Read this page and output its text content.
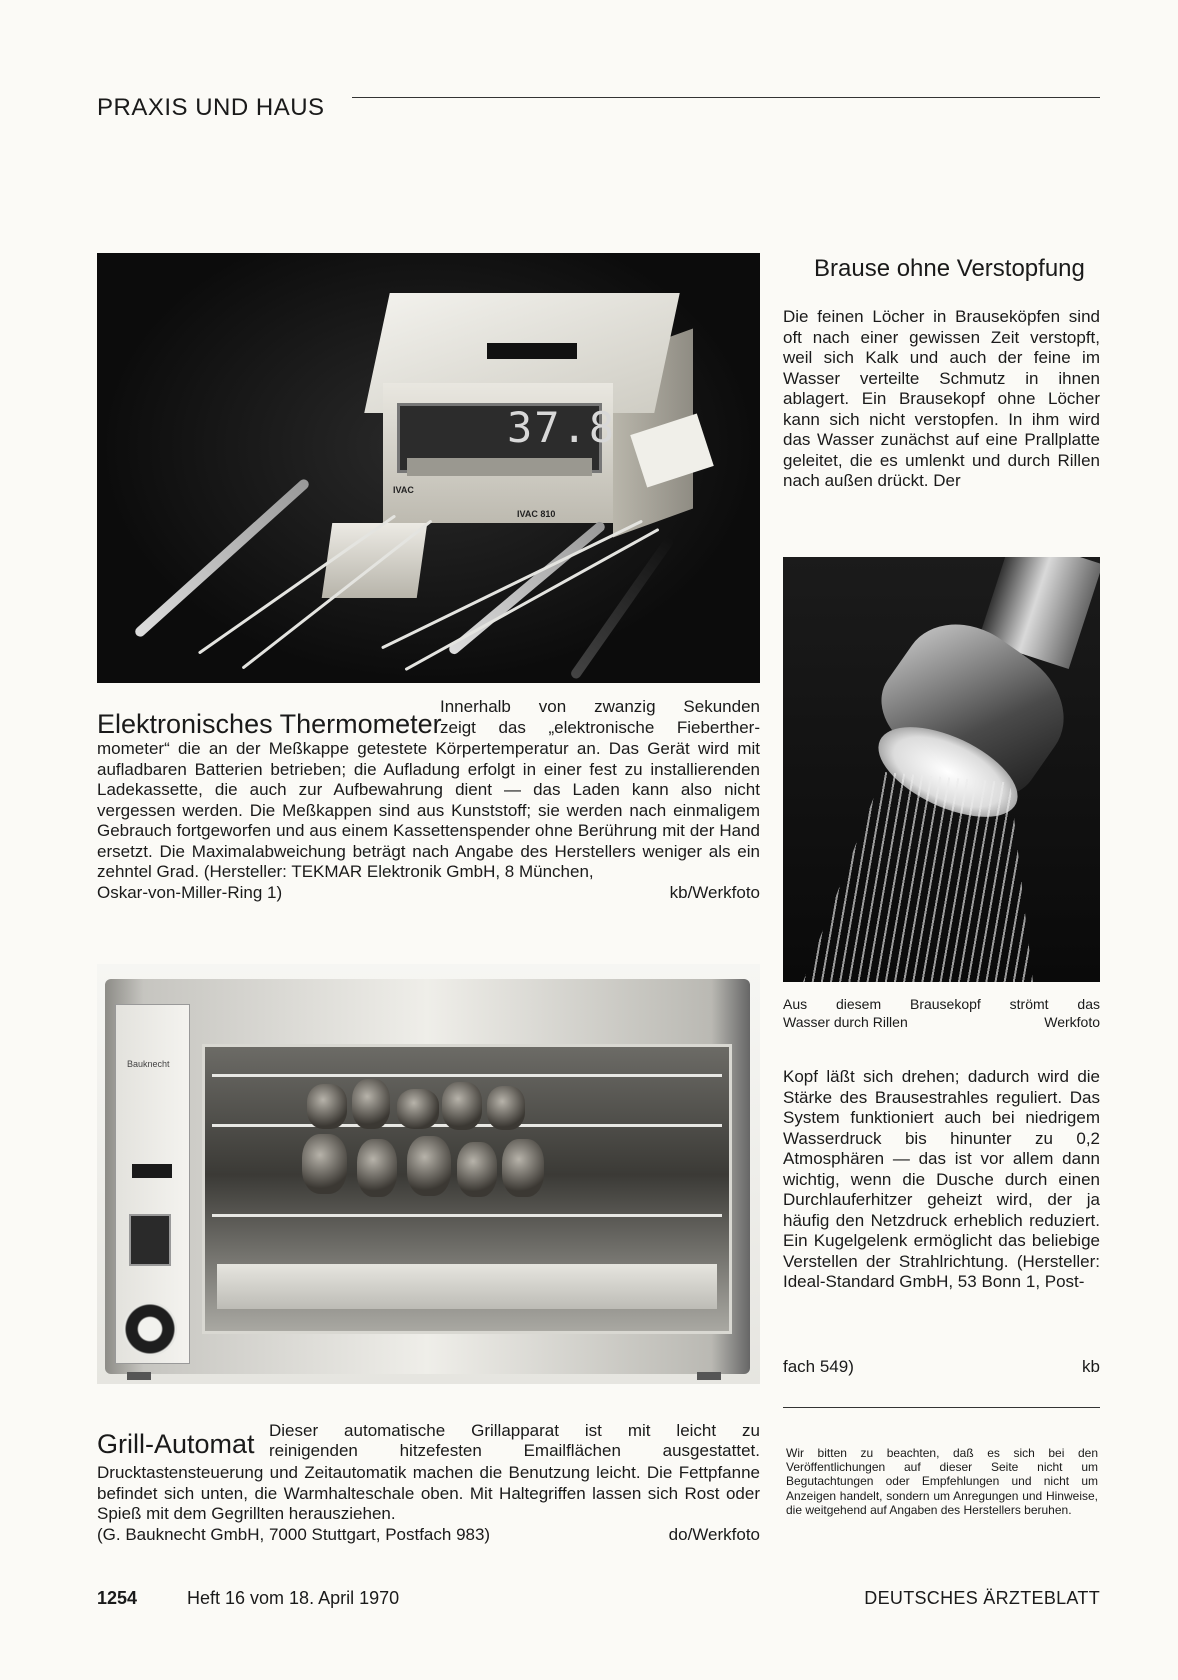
PRAXIS UND HAUS
37.8
IVAC
IVAC 810
Elektronisches Thermometer
Innerhalb von zwanzig Sekunden
zeigt das „elektronische Fieberther-
mometer“ die an der Meßkappe getestete Körpertemperatur an. Das Gerät wird mit aufladbaren Batterien betrieben; die Aufladung erfolgt in einer fest zu installierenden Ladekassette, die auch zur Aufbewahrung dient — das Laden kann also nicht vergessen werden. Die Meßkappen sind aus Kunststoff; sie werden nach einmaligem Gebrauch fortgeworfen und aus einem Kassettenspender ohne Berührung mit der Hand ersetzt. Die Maximalabweichung beträgt nach Angabe des Herstellers weniger als ein zehntel Grad. (Hersteller: TEKMAR Elektronik GmbH, 8 München,
Oskar-von-Miller-Ring 1)	kb/Werkfoto
Brause ohne Verstopfung
Die feinen Löcher in Brauseköpfen sind oft nach einer gewissen Zeit verstopft, weil sich Kalk und auch der feine im Wasser verteilte Schmutz in ihnen ablagert. Ein Brausekopf ohne Löcher kann sich nicht verstopfen. In ihm wird das Wasser zunächst auf eine Prallplatte geleitet, die es umlenkt und durch Rillen nach außen drückt. Der
Aus diesem Brausekopf strömt das
Wasser durch Rillen	Werkfoto
Kopf läßt sich drehen; dadurch wird die Stärke des Brausestrahles reguliert. Das System funktioniert auch bei niedrigem Wasserdruck bis hinunter zu 0,2 Atmosphären — das ist vor allem dann wichtig, wenn die Dusche durch einen Durchlauferhitzer geheizt wird, der ja häufig den Netzdruck erheblich reduziert. Ein Kugelgelenk ermöglicht das beliebige Verstellen der Strahlrichtung. (Hersteller: Ideal-Standard GmbH, 53 Bonn 1, Post-
fach 549)	kb
Bauknecht
Grill-Automat Dieser automatische Grillapparat ist mit leicht zu
reinigenden hitzefesten Emailflächen ausgestattet.
Drucktastensteuerung und Zeitautomatik machen die Benutzung leicht. Die Fettpfanne befindet sich unten, die Warmhalteschale oben. Mit Haltegriffen lassen sich Rost oder Spieß mit dem Gegrillten herausziehen.
(G. Bauknecht GmbH, 7000 Stuttgart, Postfach 983)	do/Werkfoto
Wir bitten zu beachten, daß es sich bei den Veröffentlichungen auf dieser Seite nicht um Begutachtungen oder Empfehlungen und nicht um Anzeigen handelt, sondern um Anregungen und Hinweise, die weitgehend auf Angaben des Herstellers beruhen.
1254	Heft 16 vom 18. April 1970	DEUTSCHES ÄRZTEBLATT
